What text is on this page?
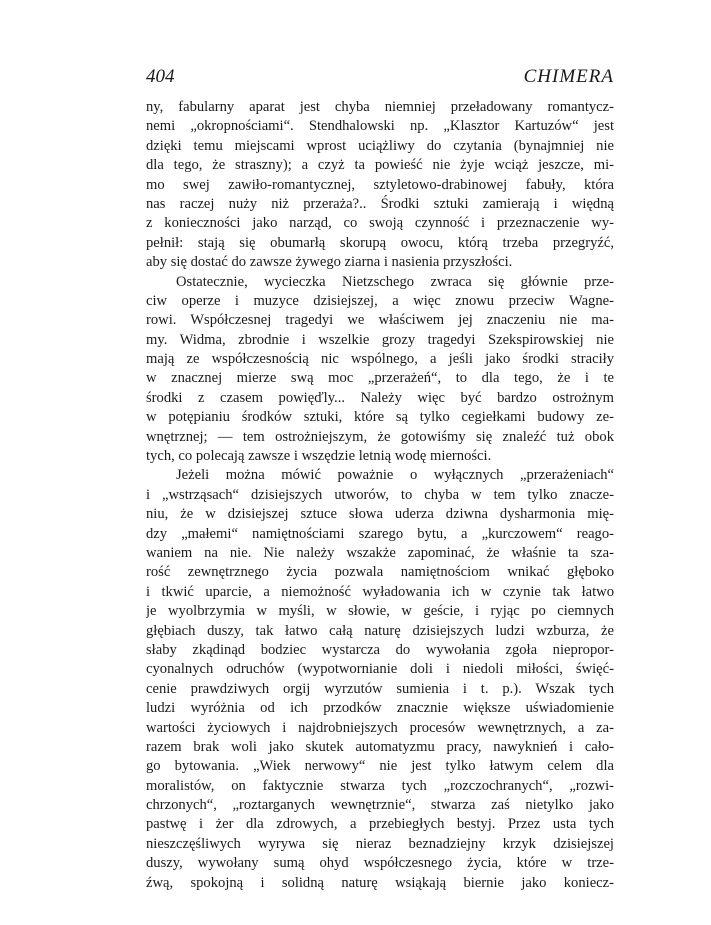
404	CHIMERA
ny, fabularny aparat jest chyba niemniej przeładowany romantycz-
nemi „okropnościami“. Stendhalowski np. „Klasztor Kartuzów“ jest
dzięki temu miejscami wprost uciążliwy do czytania (bynajmniej nie
dla tego, że straszny); a czyż ta powieść nie żyje wciąż jeszcze, mi-
mo swej zawiło-romantycznej, sztyletowo-drabinowej fabuły, która
nas raczej nuży niż przeraża?.. Środki sztuki zamierają i więdną
z konieczności jako narząd, co swoją czynność i przeznaczenie wy-
pełnił: stają się obumarłą skorupą owocu, którą trzeba przegryźć,
aby się dostać do zawsze żywego ziarna i nasienia przyszłości.
Ostatecznie, wycieczka Nietzschego zwraca się głównie prze-
ciw operze i muzyce dzisiejszej, a więc znowu przeciw Wagne-
rowi. Współczesnej tragedyi we właściwem jej znaczeniu nie ma-
my. Widma, zbrodnie i wszelkie grozy tragedyi Szekspirowskiej nie
mają ze współczesnością nic wspólnego, a jeśli jako środki straciły
w znacznej mierze swą moc „przerażeń“, to dla tego, że i te
środki z czasem powięďly... Należy więc być bardzo ostrożnym
w potępianiu środków sztuki, które są tylko cegiełkami budowy ze-
wnętrznej; — tem ostrożniejszym, że gotowiśmy się znaleźć tuż obok
tych, co polecają zawsze i wszędzie letnią wodę mierności.
Jeżeli można mówić poważnie o wyłącznych „przerażeniach“
i „wstrząsach“ dzisiejszych utworów, to chyba w tem tylko znacze-
niu, że w dzisiejszej sztuce słowa uderza dziwna dysharmonia mię-
dzy „małemi“ namiętnościami szarego bytu, a „kurczowem“ reago-
waniem na nie. Nie należy wszakże zapominać, że właśnie ta sza-
rość zewnętrznego życia pozwala namiętnościom wnikać głęboko
i tkwić uparcie, a niemożność wyładowania ich w czynie tak łatwo
je wyolbrzymia w myśli, w słowie, w geście, i ryjąc po ciemnych
głębiach duszy, tak łatwo całą naturę dzisiejszych ludzi wzburza, że
słaby zkądinąd bodziec wystarcza do wywołania zgoła niepropor-
cyonalnych odruchów (wypotwornianie doli i niedoli miłości, święć-
cenie prawdziwych orgij wyrzutów sumienia i t. p.). Wszak tych
ludzi wyróżnia od ich przodków znacznie większe uświadomienie
wartości życiowych i najdrobniejszych procesów wewnętrznych, a za-
razem brak woli jako skutek automatyzmu pracy, nawyknień i cało-
go bytowania. „Wiek nerwowy“ nie jest tylko łatwym celem dla
moralistów, on faktycznie stwarza tych „rozczochranych“, „rozwi-
chrzonych“, „roztarganych wewnętrznie“, stwarza zaś nietylko jako
pastwę i żer dla zdrowych, a przebiegłych bestyj. Przez usta tych
nieszczęśliwych wyrywa się nieraz beznadziejny krzyk dzisiejszej
duszy, wywołany sumą ohyd współczesnego życia, które w trze-
źwą, spokojną i solidną naturę wsiąkają biernie jako koniecz-
